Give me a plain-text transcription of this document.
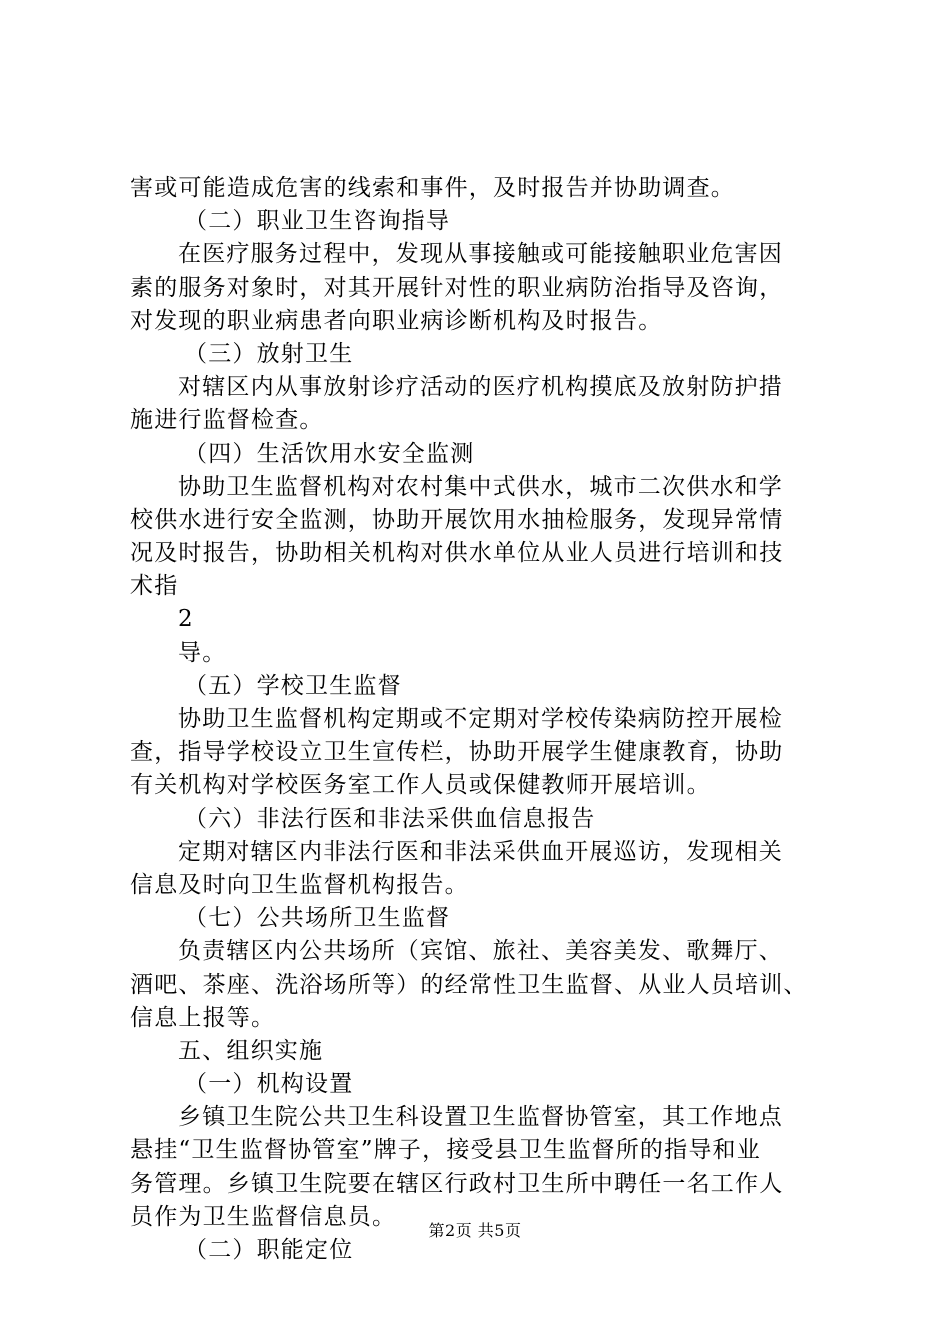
害或可能造成危害的线索和事件，及时报告并协助调查。
（二）职业卫生咨询指导
在医疗服务过程中，发现从事接触或可能接触职业危害因
素的服务对象时，对其开展针对性的职业病防治指导及咨询，
对发现的职业病患者向职业病诊断机构及时报告。
（三）放射卫生
对辖区内从事放射诊疗活动的医疗机构摸底及放射防护措
施进行监督检查。
（四）生活饮用水安全监测
协助卫生监督机构对农村集中式供水，城市二次供水和学
校供水进行安全监测，协助开展饮用水抽检服务，发现异常情
况及时报告，协助相关机构对供水单位从业人员进行培训和技
术指
2
导。
（五）学校卫生监督
协助卫生监督机构定期或不定期对学校传染病防控开展检
查，指导学校设立卫生宣传栏，协助开展学生健康教育，协助
有关机构对学校医务室工作人员或保健教师开展培训。
（六）非法行医和非法采供血信息报告
定期对辖区内非法行医和非法采供血开展巡访，发现相关
信息及时向卫生监督机构报告。
（七）公共场所卫生监督
负责辖区内公共场所（宾馆、旅社、美容美发、歌舞厅、
酒吧、茶座、洗浴场所等）的经常性卫生监督、从业人员培训、
信息上报等。
五、组织实施
（一）机构设置
乡镇卫生院公共卫生科设置卫生监督协管室，其工作地点
悬挂“卫生监督协管室”牌子，接受县卫生监督所的指导和业
务管理。乡镇卫生院要在辖区行政村卫生所中聘任一名工作人
员作为卫生监督信息员。
（二）职能定位
第2页 共5页
